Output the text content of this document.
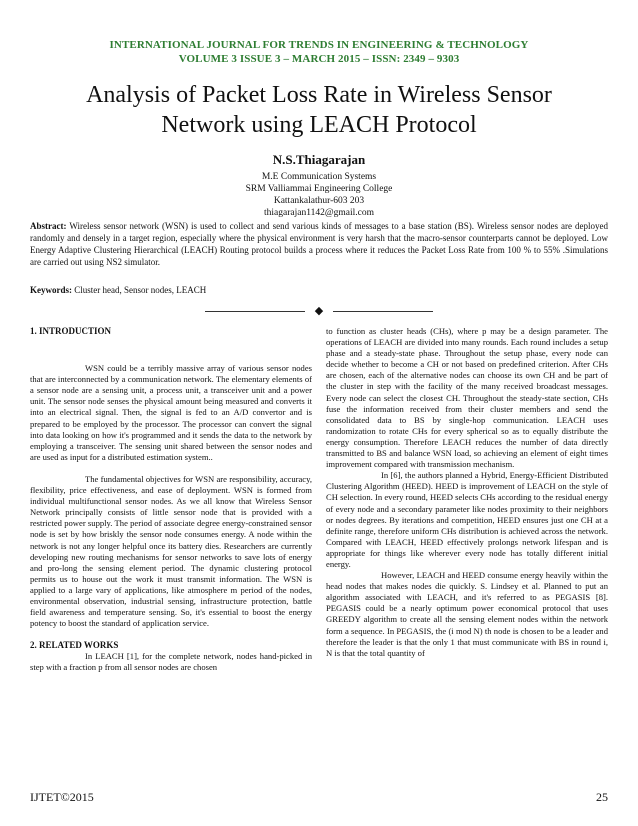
INTERNATIONAL JOURNAL FOR TRENDS IN ENGINEERING & TECHNOLOGY
VOLUME 3 ISSUE 3 – MARCH 2015 – ISSN: 2349 – 9303
Analysis of Packet Loss Rate in Wireless Sensor
Network using LEACH Protocol
N.S.Thiagarajan
M.E Communication Systems
SRM Valliammai Engineering College
Kattankalathur-603 203
thiagarajan1142@gmail.com
Abstract: Wireless sensor network (WSN) is used to collect and send various kinds of messages to a base station (BS). Wireless sensor nodes are deployed randomly and densely in a target region, especially where the physical environment is very harsh that the macro-sensor counterparts cannot be deployed. Low Energy Adaptive Clustering Hierarchical (LEACH) Routing protocol builds a process where it reduces the Packet Loss Rate from 100 % to 55% .Simulations are carried out using NS2 simulator.
Keywords: Cluster head, Sensor nodes, LEACH
◆

1. INTRODUCTION

WSN could be a terribly massive array of various sensor nodes that are interconnected by a communication network. The elementary elements of a sensor node are a sensing unit, a process unit, a transceiver unit and a power unit. The sensor node senses the physical amount being measured and converts it into an electrical signal. Then, the signal is fed to an A/D convertor and is prepared to be employed by the processor. The processor can convert the signal into data looking on how it's programmed and it sends the data to the network by employing a transceiver. The sensing unit shared between the sensor nodes and are used as input for a distributed estimation system..

The fundamental objectives for WSN are responsibility, accuracy, flexibility, price effectiveness, and ease of deployment. WSN is formed from individual multifunctional sensor nodes. As we all know that Wireless Sensor Network principally consists of little sensor node that is provided with a restricted power supply. The period of associate degree energy-constrained sensor node is set by how briskly the sensor node consumes energy. A node within the network is not any longer helpful once its battery dies. Researchers are currently developing new routing mechanisms for sensor networks to save lots of energy and pro-long the sensing element period. The dynamic clustering protocol permits us to house out the work it must transmit information. The WSN is applied to a large vary of applications, like atmosphere m period of the nodes, environmental observation, industrial sensing, infrastructure protection, battle field awareness and temperature sensing. So, it's essential to boost the energy potency to boost the standard of application service.

2. RELATED WORKS

In LEACH [1], for the complete network, nodes hand-picked in step with a fraction p from all sensor nodes are chosen

to function as cluster heads (CHs), where p may be a design parameter. The operations of LEACH are divided into many rounds. Each round includes a setup phase and a steady-state phase. Throughout the setup phase, every node can decide whether to become a CH or not based on predefined criterion. After CHs are chosen, each of the alternative nodes can choose its own CH and be part of the cluster in step with the facility of the many received broadcast messages. Every node can select the closest CH. Throughout the steady-state section, CHs fuse the information received from their cluster members and send the consolidated data to BS by single-hop communication. LEACH uses randomization to rotate CHs for every spherical so as to equally distribute the energy consumption. Therefore LEACH reduces the number of data directly transmitted to BS and balance WSN load, so achieving an element of eight times improvement compared with transmission mechanism.

In [6], the authors planned a Hybrid, Energy-Efficient Distributed Clustering Algorithm (HEED). HEED is improvement of LEACH on the style of CH selection. In every round, HEED selects CHs according to the residual energy of every node and a secondary parameter like nodes proximity to their neighbors or nodes degrees. By iterations and competition, HEED ensures just one CH at a definite range, therefore uniform CHs distribution is achieved across the network. Compared with LEACH, HEED effectively prolongs network lifespan and is appropriate for things like wherever every node has totally different initial energy.

However, LEACH and HEED consume energy heavily within the head nodes that makes nodes die quickly. S. Lindsey et al. Planned to put an algorithm associated with LEACH, and it's referred to as PEGASIS [8]. PEGASIS could be a nearly optimum power economical protocol that uses GREEDY algorithm to create all the sensing element nodes within the network form a sequence. In PEGASIS, the (i mod N) th node is chosen to be a leader and therefore the leader is that the only 1 that must communicate with BS in round i, N is that the total quantity of

IJTET©2015	25
